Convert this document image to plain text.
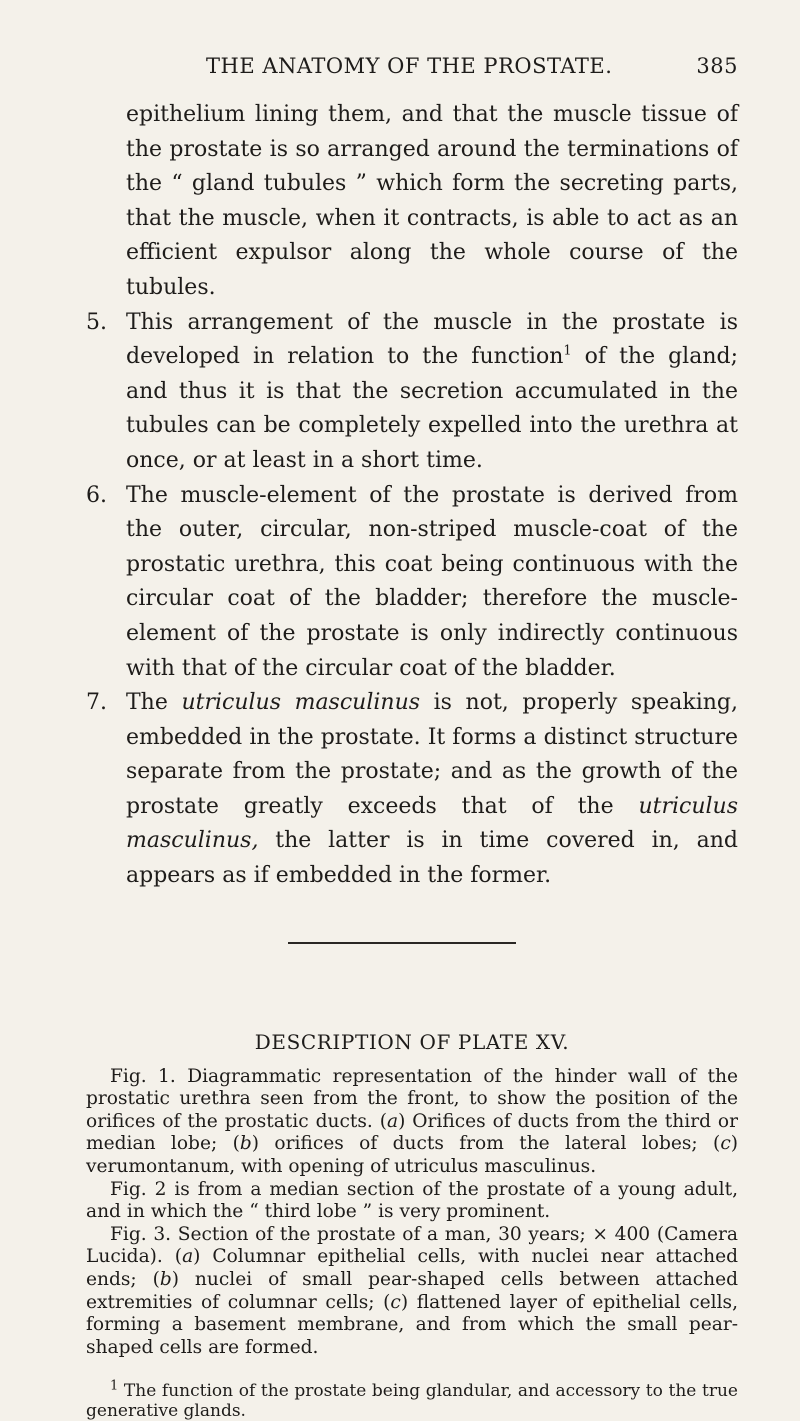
THE ANATOMY OF THE PROSTATE.	385

epithelium lining them, and that the muscle tissue of the prostate is so arranged around the terminations of the “ gland tubules ” which form the secreting parts, that the muscle, when it contracts, is able to act as an efficient expulsor along the whole course of the tubules.

5. This arrangement of the muscle in the prostate is developed in relation to the function$^1$ of the gland; and thus it is that the secretion accumulated in the tubules can be completely expelled into the urethra at once, or at least in a short time.
6. The muscle-element of the prostate is derived from the outer, circular, non-striped muscle-coat of the prostatic urethra, this coat being continuous with the circular coat of the bladder; therefore the muscle-element of the prostate is only indirectly continuous with that of the circular coat of the bladder.
7. The utriculus masculinus is not, properly speaking, embedded in the prostate. It forms a distinct structure separate from the prostate; and as the growth of the prostate greatly exceeds that of the utriculus masculinus, the latter is in time covered in, and appears as if embedded in the former.
DESCRIPTION OF PLATE XV.

Fig. 1. Diagrammatic representation of the hinder wall of the prostatic urethra seen from the front, to show the position of the orifices of the prostatic ducts. (a) Orifices of ducts from the third or median lobe; (b) orifices of ducts from the lateral lobes; (c) verumontanum, with opening of utriculus masculinus.

Fig. 2 is from a median section of the prostate of a young adult, and in which the “ third lobe ” is very prominent.

Fig. 3. Section of the prostate of a man, 30 years; × 400 (Camera Lucida). (a) Columnar epithelial cells, with nuclei near attached ends; (b) nuclei of small pear-shaped cells between attached extremities of columnar cells; (c) flattened layer of epithelial cells, forming a basement membrane, and from which the small pear-shaped cells are formed.

$^1$ The function of the prostate being glandular, and accessory to the true generative glands.
